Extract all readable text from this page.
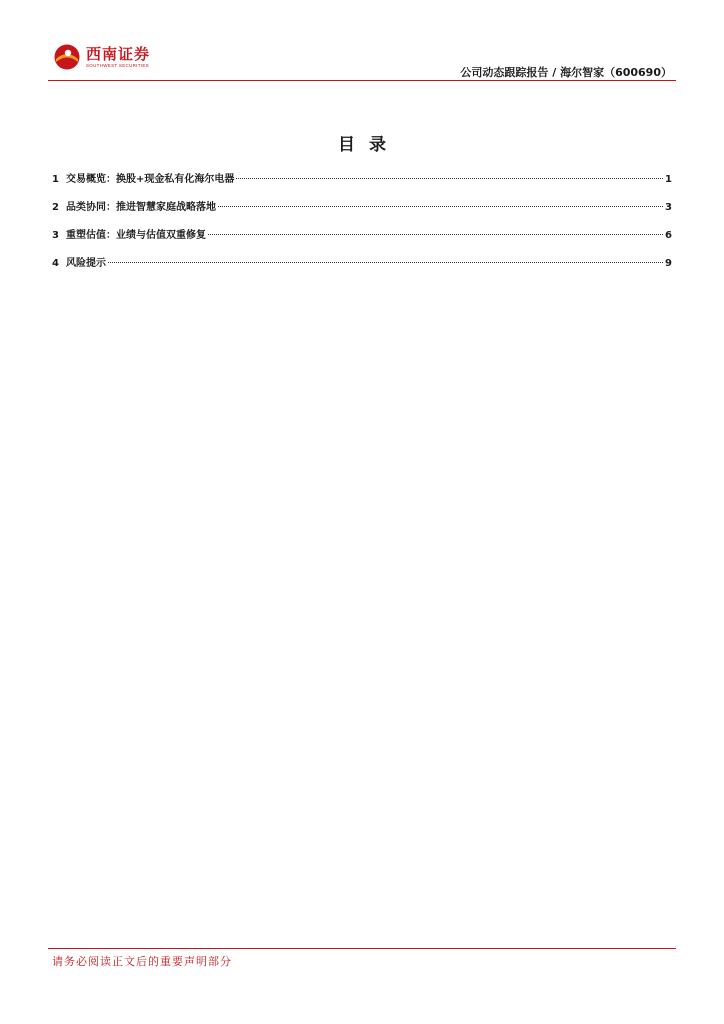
西南证券
SOUTHWEST SECURITIES
公司动态跟踪报告 / 海尔智家（600690）
目录
1 交易概览：换股+现金私有化海尔电器	1
2 品类协同：推进智慧家庭战略落地	3
3 重塑估值：业绩与估值双重修复	6
4 风险提示	9
请务必阅读正文后的重要声明部分
